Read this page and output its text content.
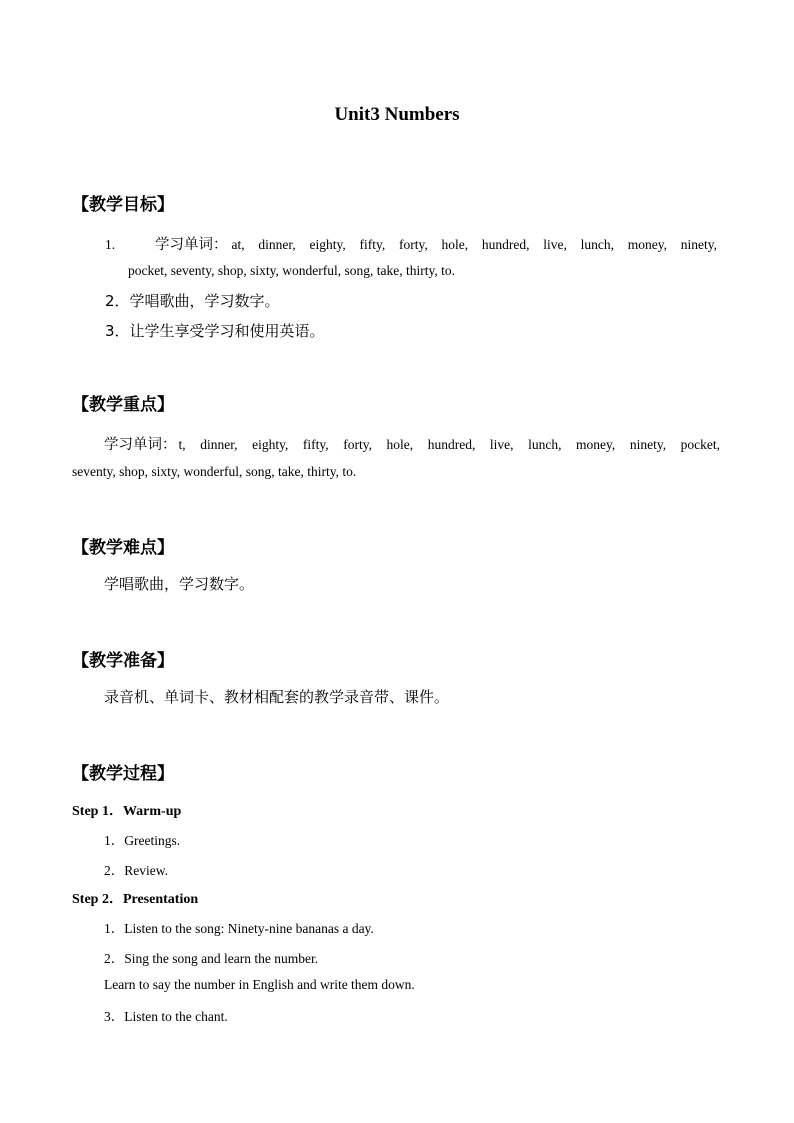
Unit3 Numbers
【教学目标】
1.	学习单词： at, dinner, eighty, fifty, forty, hole, hundred, live, lunch, money, ninety,
pocket, seventy, shop, sixty, wonderful, song, take, thirty, to.
2．学唱歌曲，学习数字。
3．让学生享受学习和使用英语。
【教学重点】
学习单词： t, dinner, eighty, fifty, forty, hole, hundred, live, lunch, money, ninety, pocket,
seventy, shop, sixty, wonderful, song, take, thirty, to.
【教学难点】
学唱歌曲，学习数字。
【教学准备】
录音机、单词卡、教材相配套的教学录音带、课件。
【教学过程】
Step 1．Warm-up
1．Greetings.
2．Review.
Step 2．Presentation
1．Listen to the song: Ninety-nine bananas a day.
2．Sing the song and learn the number.
Learn to say the number in English and write them down.
3．Listen to the chant.
